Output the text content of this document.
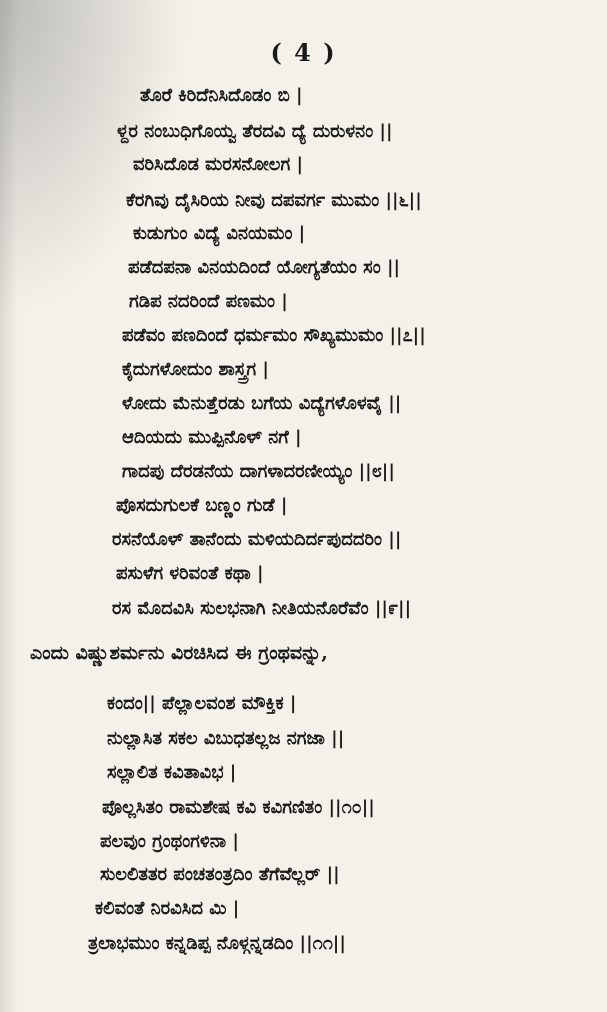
( 4 )
ತೊರೆ ಕಿರಿದೆನಿಸಿದೊಡಂ ಬಿ |
ಳ್ದರ ನಂಬುಧಿಗೊಯ್ವ ತೆರದವಿ ದ್ಯೆ ದುರುಳನಂ ||
ವರಿಸಿದೊಡ ಮರಸನೋಲಗ |
ಕೆರಗಿವು ದೈಸಿರಿಯ ನೀವು ದಪವರ್ಗ ಮುಮಂ ||೬||
ಕುಡುಗುಂ ವಿದ್ಯೆ ವಿನಯಮಂ |
ಪಡೆದಪನಾ ವಿನಯದಿಂದೆ ಯೋಗ್ಯತೆಯಂ ಸಂ ||
ಗಡಿಪ ನದರಿಂದೆ ಪಣಮಂ |
ಪಡೆವಂ ಪಣದಿಂದೆ ಧರ್ಮಮಂ ಸೌಖ್ಯಮುಮಂ ||೭||
ಕೈದುಗಳೋದುಂ ಶಾಸ್ತ್ರಗ |
ಳೋದು ಮೆನುತ್ತೆರಡು ಬಗೆಯ ವಿದ್ಯೆಗಳೊಳವೈ ||
ಆದಿಯದು ಮುಪ್ಪಿನೊಳ್ ನಗೆ |
ಗಾದಪು ದೆರಡನೆಯ ದಾಗಳಾದರಣೀಯ್ಯಂ ||೮||
ಪೊಸದುಗುಲಕೆ ಬಣ್ಣಂ ಗುಡೆ |
ರಸನೆಯೊಳ್ ತಾನೆಂದು ಮಳಿಯದಿರ್ದಪುದದರಿಂ ||
ಪಸುಳೆಗ ಳರಿವಂತೆ ಕಥಾ |
ರಸ ಮೊದವಿಸಿ ಸುಲಭನಾಗಿ ನೀತಿಯನೊರೆವೆಂ ||೯||
ಎಂದು ವಿಷ್ಣುಶರ್ಮನು ವಿರಚಿಸಿದ ಈ ಗ್ರಂಥವನ್ನು,
ಕಂದಂ|| ಪೆಲ್ಲಾಲವಂಶ ಮೌಕ್ತಿಕ |
ನುಲ್ಲಾಸಿತ ಸಕಲ ವಿಬುಧತಲ್ಲಜ ನಗಜಾ ||
ಸಲ್ಲಾಲಿತ ಕವಿತಾವಿಭ |
ಪೊಲ್ಲಸಿತಂ ರಾಮಶೇಷ ಕವಿ ಕವಿಗಣಿತಂ ||೧೦||
ಪಲವುಂ ಗ್ರಂಥಂಗಳಿನಾ |
ಸುಲಲಿತತರ ಪಂಚತಂತ್ರದಿಂ ತೆಗೆವೆಲ್ಲರ್ ||
ಕಲಿವಂತೆ ನಿರವಿಸಿದ ಮಿ |
ತ್ರಲಾಭಮುಂ ಕನ್ನಡಿಪ್ಪ ನೊಳ್ಗನ್ನಡದಿಂ ||೧೧||
